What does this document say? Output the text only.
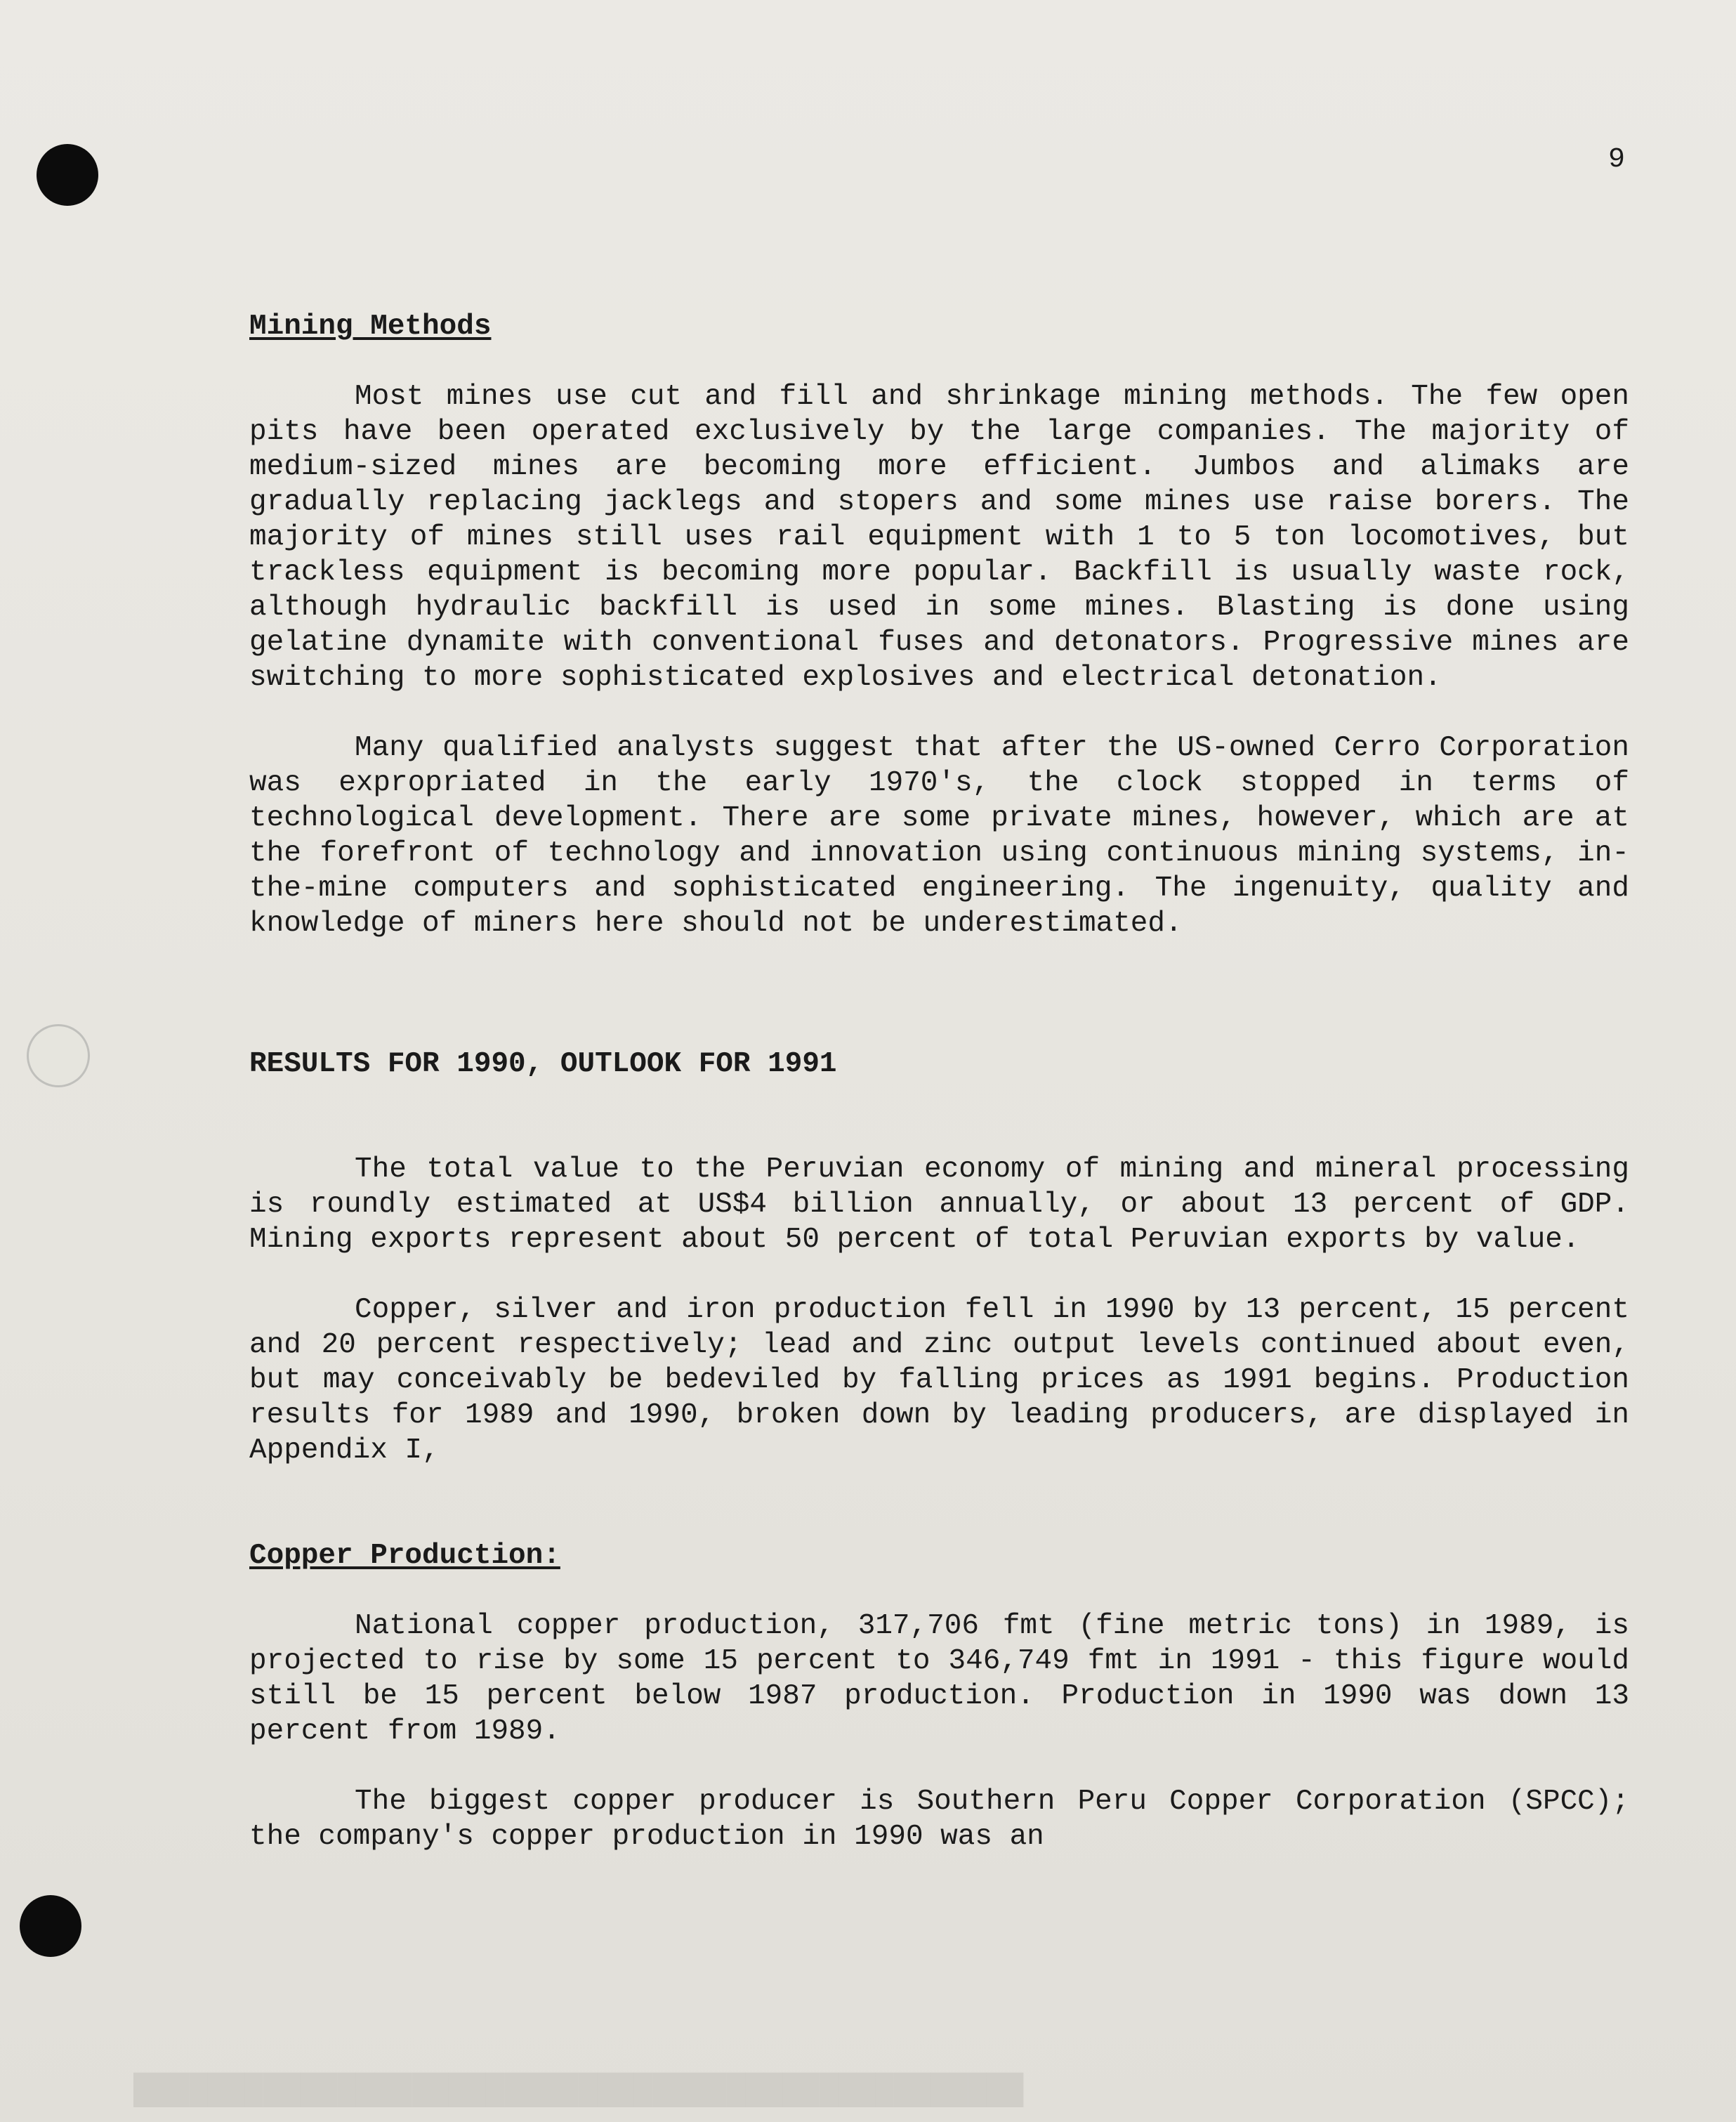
████████████████████████████████████████████████

9

Mining Methods

Most mines use cut and fill and shrinkage mining methods. The few open pits have been operated exclusively by the large companies. The majority of medium-sized mines are becoming more efficient. Jumbos and alimaks are gradually replacing jacklegs and stopers and some mines use raise borers. The majority of mines still uses rail equipment with 1 to 5 ton locomotives, but trackless equipment is becoming more popular. Backfill is usually waste rock, although hydraulic backfill is used in some mines. Blasting is done using gelatine dynamite with conventional fuses and detonators. Progressive mines are switching to more sophisticated explosives and electrical detonation.

Many qualified analysts suggest that after the US-owned Cerro Corporation was expropriated in the early 1970's, the clock stopped in terms of technological development. There are some private mines, however, which are at the forefront of technology and innovation using continuous mining systems, in-the-mine computers and sophisticated engineering. The ingenuity, quality and knowledge of miners here should not be underestimated.

RESULTS FOR 1990, OUTLOOK FOR 1991

The total value to the Peruvian economy of mining and mineral processing is roundly estimated at US$4 billion annually, or about 13 percent of GDP. Mining exports represent about 50 percent of total Peruvian exports by value.

Copper, silver and iron production fell in 1990 by 13 percent, 15 percent and 20 percent respectively; lead and zinc output levels continued about even, but may conceivably be bedeviled by falling prices as 1991 begins. Production results for 1989 and 1990, broken down by leading producers, are displayed in Appendix I,

Copper Production:

National copper production, 317,706 fmt (fine metric tons) in 1989, is projected to rise by some 15 percent to 346,749 fmt in 1991 - this figure would still be 15 percent below 1987 production. Production in 1990 was down 13 percent from 1989.

The biggest copper producer is Southern Peru Copper Corporation (SPCC); the company's copper production in 1990 was an
